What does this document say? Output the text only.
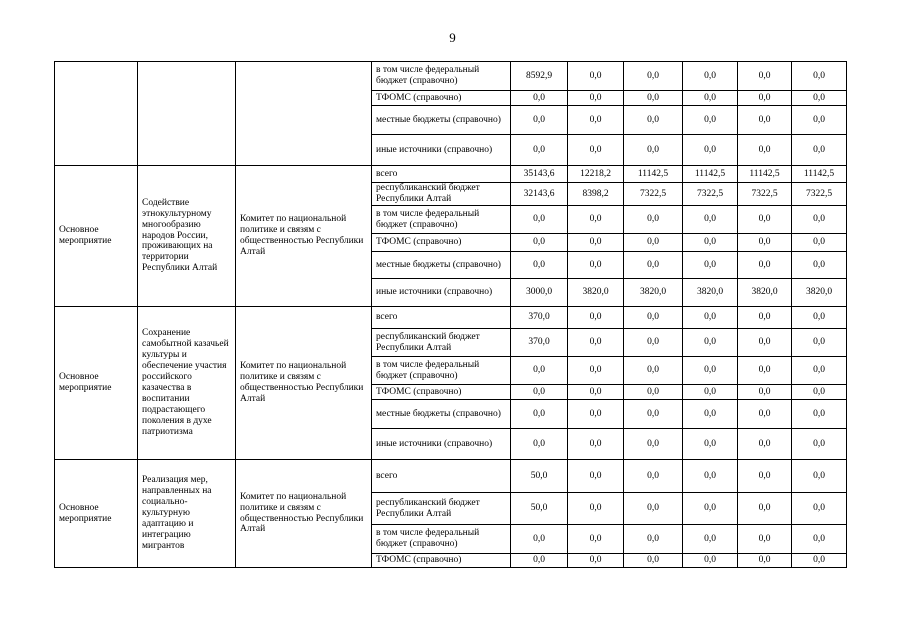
9
			в том числе федеральный бюджет (справочно)	8592,9	0,0	0,0	0,0	0,0	0,0
			ТФОМС (справочно)	0,0	0,0	0,0	0,0	0,0	0,0
			местные бюджеты (справочно)	0,0	0,0	0,0	0,0	0,0	0,0
			иные источники (справочно)	0,0	0,0	0,0	0,0	0,0	0,0
Основное мероприятие	Содействие этнокультурному многообразию народов России, проживающих на территории Республики Алтай	Комитет по национальной политике и связям с общественностью Республики Алтай	всего	35143,6	12218,2	11142,5	11142,5	11142,5	11142,5
			республиканский бюджет Республики Алтай	32143,6	8398,2	7322,5	7322,5	7322,5	7322,5
			в том числе федеральный бюджет (справочно)	0,0	0,0	0,0	0,0	0,0	0,0
			ТФОМС (справочно)	0,0	0,0	0,0	0,0	0,0	0,0
			местные бюджеты (справочно)	0,0	0,0	0,0	0,0	0,0	0,0
			иные источники (справочно)	3000,0	3820,0	3820,0	3820,0	3820,0	3820,0
Основное мероприятие	Сохранение самобытной казачьей культуры и обеспечение участия российского казачества в воспитании подрастающего поколения в духе патриотизма	Комитет по национальной политике и связям с общественностью Республики Алтай	всего	370,0	0,0	0,0	0,0	0,0	0,0
			республиканский бюджет Республики Алтай	370,0	0,0	0,0	0,0	0,0	0,0
			в том числе федеральный бюджет (справочно)	0,0	0,0	0,0	0,0	0,0	0,0
			ТФОМС (справочно)	0,0	0,0	0,0	0,0	0,0	0,0
			местные бюджеты (справочно)	0,0	0,0	0,0	0,0	0,0	0,0
			иные источники (справочно)	0,0	0,0	0,0	0,0	0,0	0,0
Основное мероприятие	Реализация мер, направленных на социально-культурную адаптацию и интеграцию мигрантов	Комитет по национальной политике и связям с общественностью Республики Алтай	всего	50,0	0,0	0,0	0,0	0,0	0,0
			республиканский бюджет Республики Алтай	50,0	0,0	0,0	0,0	0,0	0,0
			в том числе федеральный бюджет (справочно)	0,0	0,0	0,0	0,0	0,0	0,0
			ТФОМС (справочно)	0,0	0,0	0,0	0,0	0,0	0,0
